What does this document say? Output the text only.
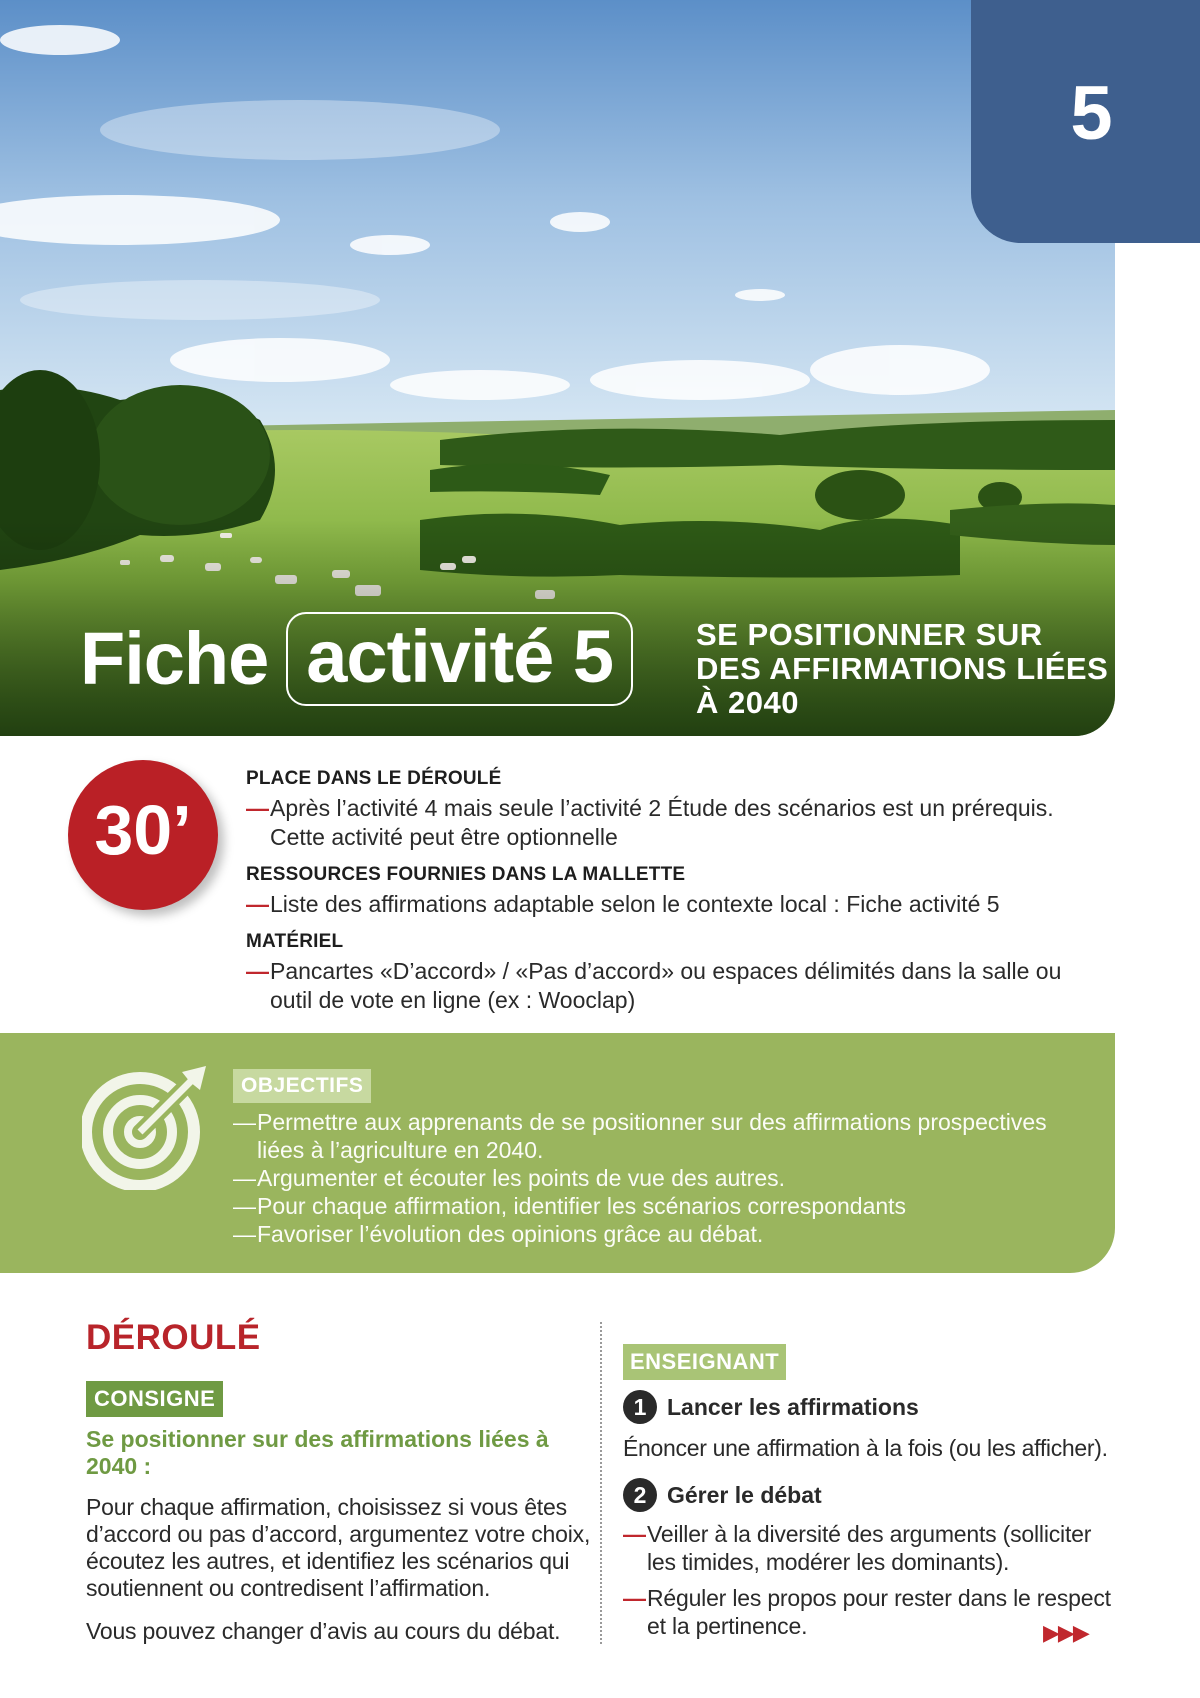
Fiche activité 5	SE POSITIONNER SUR DES AFFIRMATIONS LIÉES À 2040
5
30’
PLACE DANS LE DÉROULÉ
— Après l’activité 4 mais seule l’activité 2 Étude des scénarios est un prérequis. Cette activité peut être optionnelle
RESSOURCES FOURNIES DANS LA MALLETTE
— Liste des affirmations adaptable selon le contexte local : Fiche activité 5
MATÉRIEL
— Pancartes «D’accord» / «Pas d’accord» ou espaces délimités dans la salle ou outil de vote en ligne (ex : Wooclap)
OBJECTIFS
— Permettre aux apprenants de se positionner sur des affirmations prospectives liées à l’agriculture en 2040.
— Argumenter et écouter les points de vue des autres.
— Pour chaque affirmation, identifier les scénarios correspondants
— Favoriser l’évolution des opinions grâce au débat.
DÉROULÉ
CONSIGNE
Se positionner sur des affirmations liées à 2040 :
Pour chaque affirmation, choisissez si vous êtes d’accord ou pas d’accord, argumentez votre choix, écoutez les autres, et identifiez les scénarios qui soutiennent ou contredisent l’affirmation.
Vous pouvez changer d’avis au cours du débat.
ENSEIGNANT
1 Lancer les affirmations
Énoncer une affirmation à la fois (ou les afficher).
2 Gérer le débat
— Veiller à la diversité des arguments (solliciter les timides, modérer les dominants).
— Réguler les propos pour rester dans le respect et la pertinence.	▶▶▶
